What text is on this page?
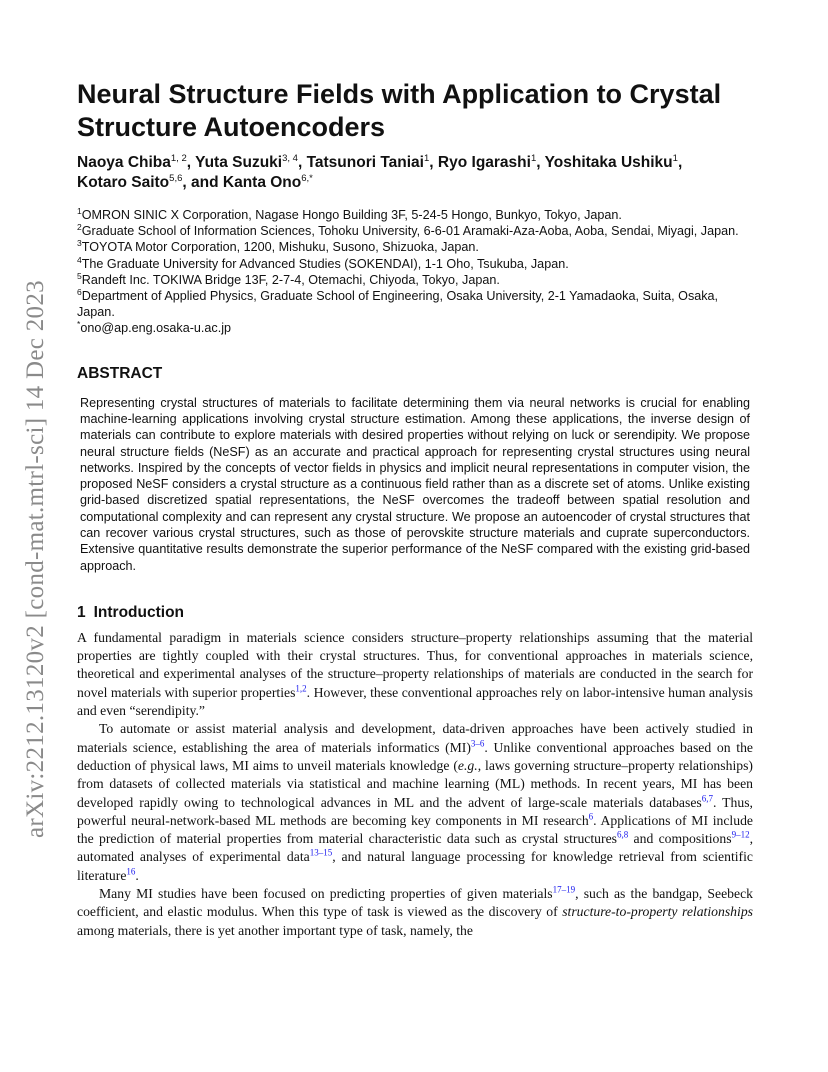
arXiv:2212.13120v2 [cond-mat.mtrl-sci] 14 Dec 2023
Neural Structure Fields with Application to Crystal Structure Autoencoders
Naoya Chiba$^{1, 2}$, Yuta Suzuki$^{3, 4}$, Tatsunori Taniai$^1$, Ryo Igarashi$^1$, Yoshitaka Ushiku$^1$,
Kotaro Saito$^{5,6}$, and Kanta Ono$^{6,*}$

$^1$OMRON SINIC X Corporation, Nagase Hongo Building 3F, 5-24-5 Hongo, Bunkyo, Tokyo, Japan.

$^2$Graduate School of Information Sciences, Tohoku University, 6-6-01 Aramaki-Aza-Aoba, Aoba, Sendai, Miyagi, Japan.

$^3$TOYOTA Motor Corporation, 1200, Mishuku, Susono, Shizuoka, Japan.

$^4$The Graduate University for Advanced Studies (SOKENDAI), 1-1 Oho, Tsukuba, Japan.

$^5$Randeft Inc. TOKIWA Bridge 13F, 2-7-4, Otemachi, Chiyoda, Tokyo, Japan.

$^6$Department of Applied Physics, Graduate School of Engineering, Osaka University, 2-1 Yamadaoka, Suita, Osaka, Japan.

*ono@ap.eng.osaka-u.ac.jp

ABSTRACT

Representing crystal structures of materials to facilitate determining them via neural networks is crucial for enabling machine-learning applications involving crystal structure estimation. Among these applications, the inverse design of materials can contribute to explore materials with desired properties without relying on luck or serendipity. We propose neural structure fields (NeSF) as an accurate and practical approach for representing crystal structures using neural networks. Inspired by the concepts of vector fields in physics and implicit neural representations in computer vision, the proposed NeSF considers a crystal structure as a continuous field rather than as a discrete set of atoms. Unlike existing grid-based discretized spatial representations, the NeSF overcomes the tradeoff between spatial resolution and computational complexity and can represent any crystal structure. We propose an autoencoder of crystal structures that can recover various crystal structures, such as those of perovskite structure materials and cuprate superconductors. Extensive quantitative results demonstrate the superior performance of the NeSF compared with the existing grid-based approach.

1 Introduction

A fundamental paradigm in materials science considers structure–property relationships assuming that the material properties are tightly coupled with their crystal structures. Thus, for conventional approaches in materials science, theoretical and experimental analyses of the structure–property relationships of materials are conducted in the search for novel materials with superior properties$^{1,2}$. However, these conventional approaches rely on labor-intensive human analysis and even “serendipity.”

To automate or assist material analysis and development, data-driven approaches have been actively studied in materials science, establishing the area of materials informatics (MI)$^{3-6}$. Unlike conventional approaches based on the deduction of physical laws, MI aims to unveil materials knowledge (e.g., laws governing structure–property relationships) from datasets of collected materials via statistical and machine learning (ML) methods. In recent years, MI has been developed rapidly owing to technological advances in ML and the advent of large-scale materials databases$^{6,7}$. Thus, powerful neural-network-based ML methods are becoming key components in MI research$^6$. Applications of MI include the prediction of material properties from material characteristic data such as crystal structures$^{6,8}$ and compositions$^{9-12}$, automated analyses of experimental data$^{13-15}$, and natural language processing for knowledge retrieval from scientific literature$^{16}$.

Many MI studies have been focused on predicting properties of given materials$^{17-19}$, such as the bandgap, Seebeck coefficient, and elastic modulus. When this type of task is viewed as the discovery of structure-to-property relationships among materials, there is yet another important type of task, namely, the
